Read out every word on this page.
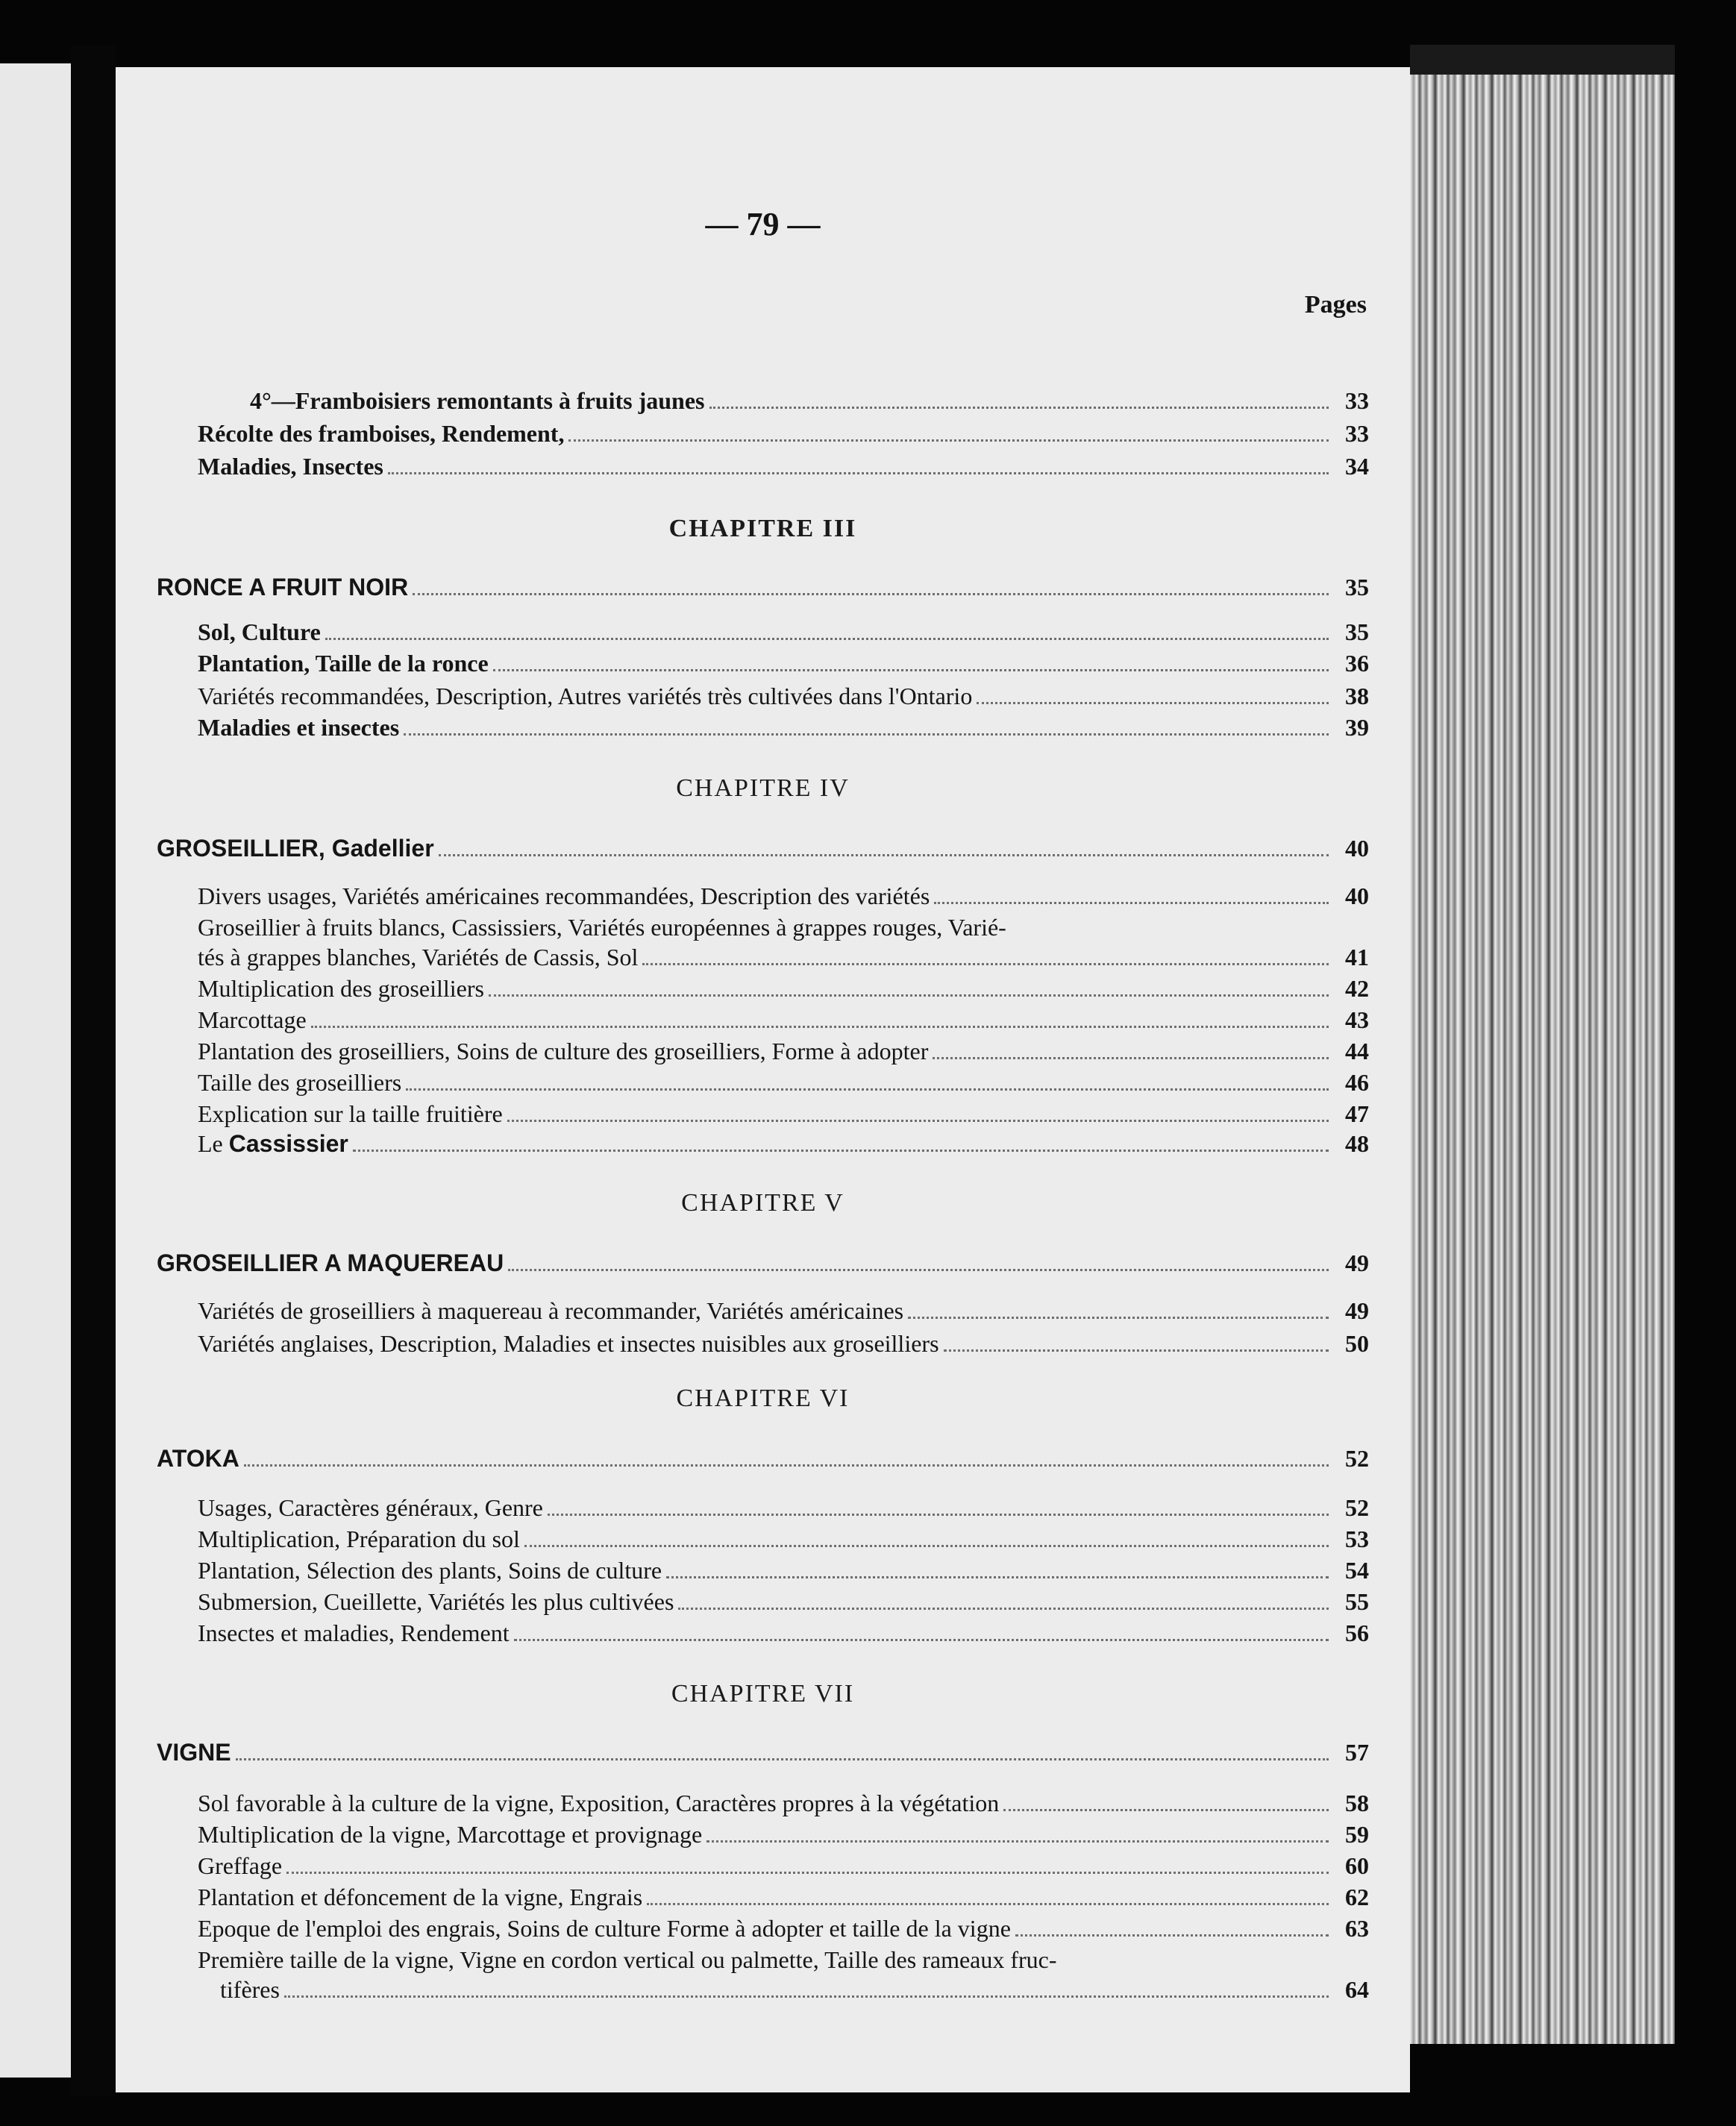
— 79 —
Pages
4°—Framboisiers remontants à fruits jaunes	33
Récolte des framboises, Rendement,	33
Maladies, Insectes	34
CHAPITRE III
RONCE A FRUIT NOIR	35
Sol, Culture	35
Plantation, Taille de la ronce	36
Variétés recommandées, Description, Autres variétés très cultivées dans l'Ontario	38
Maladies et insectes	39
CHAPITRE IV
GROSEILLIER, Gadellier	40
Divers usages, Variétés américaines recommandées, Description des variétés	40
Groseillier à fruits blancs, Cassissiers, Variétés européennes à grappes rouges, Varié-
tés à grappes blanches, Variétés de Cassis, Sol	41
Multiplication des groseilliers	42
Marcottage	43
Plantation des groseilliers, Soins de culture des groseilliers, Forme à adopter	44
Taille des groseilliers	46
Explication sur la taille fruitière	47
Le Cassissier	48
CHAPITRE V
GROSEILLIER A MAQUEREAU	49
Variétés de groseilliers à maquereau à recommander, Variétés américaines	49
Variétés anglaises, Description, Maladies et insectes nuisibles aux groseilliers	50
CHAPITRE VI
ATOKA	52
Usages, Caractères généraux, Genre	52
Multiplication, Préparation du sol	53
Plantation, Sélection des plants, Soins de culture	54
Submersion, Cueillette, Variétés les plus cultivées	55
Insectes et maladies, Rendement	56
CHAPITRE VII
VIGNE	57
Sol favorable à la culture de la vigne, Exposition, Caractères propres à la végétation	58
Multiplication de la vigne, Marcottage et provignage	59
Greffage	60
Plantation et défoncement de la vigne, Engrais	62
Epoque de l'emploi des engrais, Soins de culture Forme à adopter et taille de la vigne	63
Première taille de la vigne, Vigne en cordon vertical ou palmette, Taille des rameaux fruc-
tifères	64
